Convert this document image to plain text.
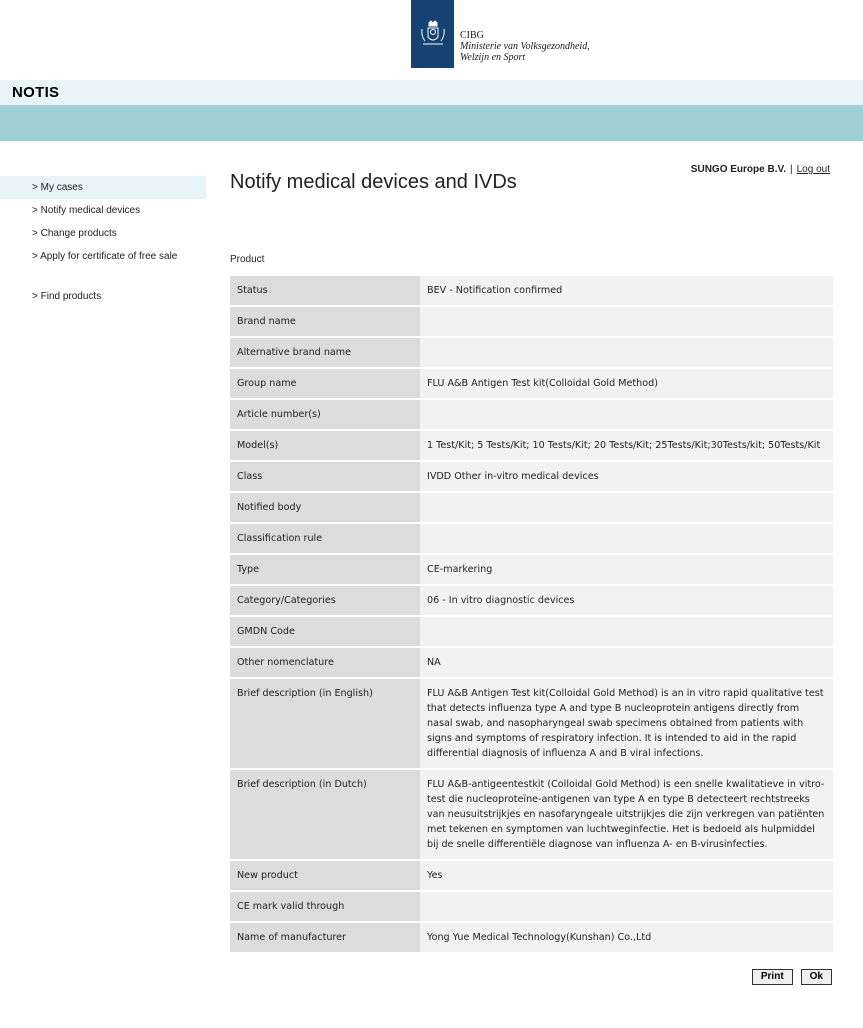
CIBG
Ministerie van Volksgezondheid,
Welzijn en Sport
NOTIS
> My cases
> Notify medical devices
> Change products
> Apply for certificate of free sale
> Find products
SUNGO Europe B.V. | Log out
Notify medical devices and IVDs
Product
Status	BEV - Notification confirmed
Brand name	
Alternative brand name	
Group name	FLU A&B Antigen Test kit(Colloidal Gold Method)
Article number(s)	
Model(s)	1 Test/Kit; 5 Tests/Kit; 10 Tests/Kit; 20 Tests/Kit; 25Tests/Kit;30Tests/kit; 50Tests/Kit
Class	IVDD Other in-vitro medical devices
Notified body	
Classification rule	
Type	CE-markering
Category/Categories	06 - In vitro diagnostic devices
GMDN Code	
Other nomenclature	NA
Brief description (in English)	FLU A&B Antigen Test kit(Colloidal Gold Method) is an in vitro rapid qualitative test that detects influenza type A and type B nucleoprotein antigens directly from nasal swab, and nasopharyngeal swab specimens obtained from patients with signs and symptoms of respiratory infection. It is intended to aid in the rapid differential diagnosis of influenza A and B viral infections.
Brief description (in Dutch)	FLU A&B-antigeentestkit (Colloidal Gold Method) is een snelle kwalitatieve in vitro-test die nucleoproteïne-antigenen van type A en type B detecteert rechtstreeks van neusuitstrijkjes en nasofaryngeale uitstrijkjes die zijn verkregen van patiënten met tekenen en symptomen van luchtweginfectie. Het is bedoeld als hulpmiddel bij de snelle differentiële diagnose van influenza A- en B-virusinfecties.
New product	Yes
CE mark valid through	
Name of manufacturer	Yong Yue Medical Technology(Kunshan) Co.,Ltd
Print	Ok
